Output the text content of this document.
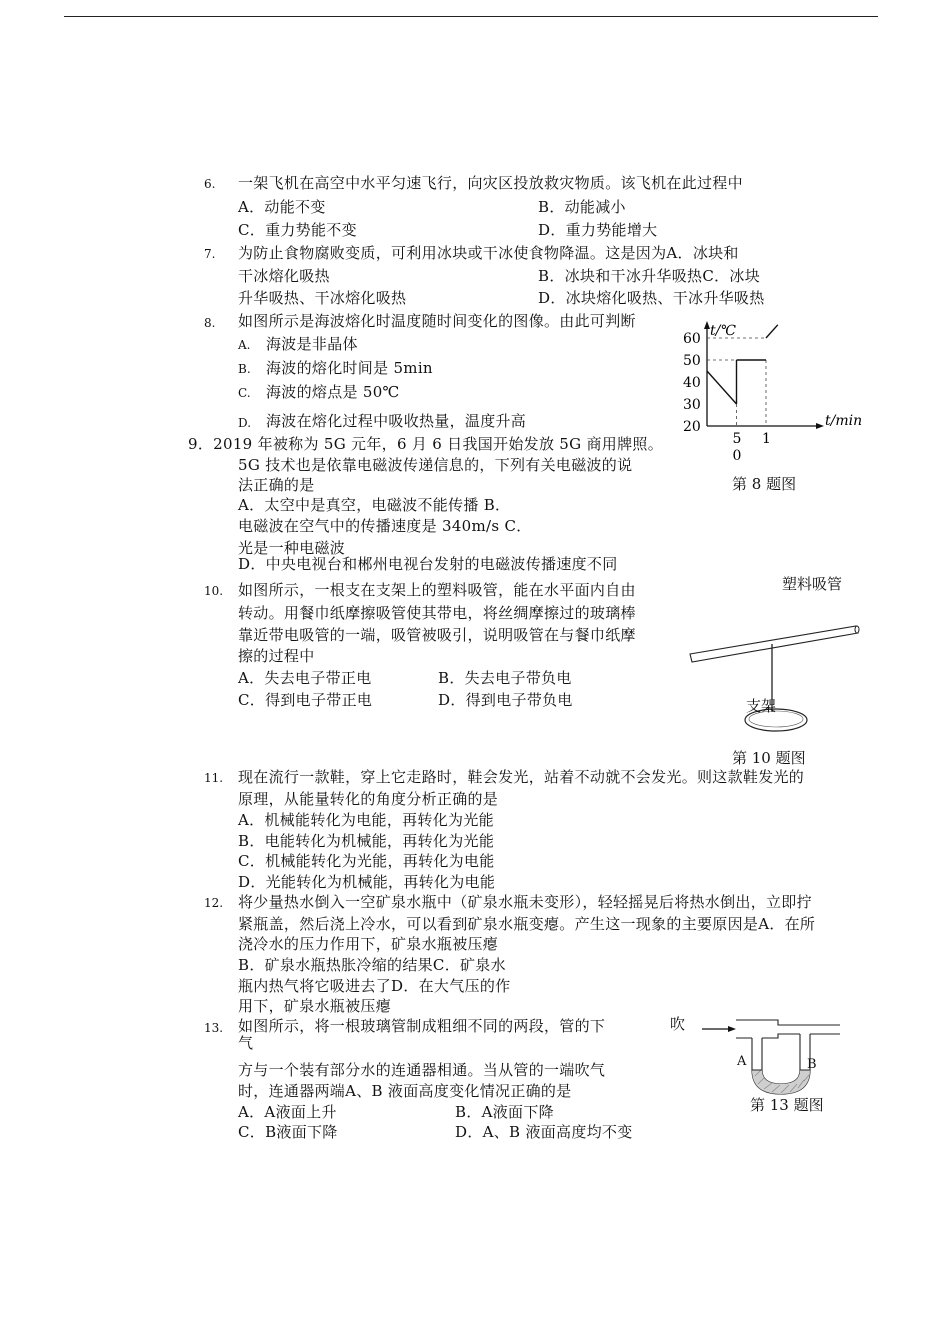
6. 一架飞机在高空中水平匀速飞行，向灾区投放救灾物质。该飞机在此过程中
A．动能不变	B．动能减小
C．重力势能不变	D．重力势能增大
7. 为防止食物腐败变质，可利用冰块或干冰使食物降温。这是因为A．冰块和
干冰熔化吸热	B．冰块和干冰升华吸热C．冰块
升华吸热、干冰熔化吸热	D．冰块熔化吸热、干冰升华吸热
8. 如图所示是海波熔化时温度随时间变化的图像。由此可判断
A. 海波是非晶体
B. 海波的熔化时间是 5min
C. 海波的熔点是 50℃
D. 海波在熔化过程中吸收热量，温度升高
t/℃
t/min
60
50
40
30
20
5 1
0
第 8 题图
9．2019 年被称为 5G 元年，6 月 6 日我国开始发放 5G 商用牌照。
5G 技术也是依靠电磁波传递信息的，下列有关电磁波的说
法正确的是
A．太空中是真空，电磁波不能传播 B．
电磁波在空气中的传播速度是 340m/s C．
光是一种电磁波
D．中央电视台和郴州电视台发射的电磁波传播速度不同
10. 如图所示，一根支在支架上的塑料吸管，能在水平面内自由
转动。用餐巾纸摩擦吸管使其带电，将丝绸摩擦过的玻璃棒
靠近带电吸管的一端，吸管被吸引，说明吸管在与餐巾纸摩
擦的过程中
A．失去电子带正电	B．失去电子带负电
C．得到电子带正电	D．得到电子带负电
塑料吸管
支架
第 10 题图
11. 现在流行一款鞋，穿上它走路时，鞋会发光，站着不动就不会发光。则这款鞋发光的
原理，从能量转化的角度分析正确的是
A．机械能转化为电能，再转化为光能
B．电能转化为机械能，再转化为光能
C．机械能转化为光能，再转化为电能
D．光能转化为机械能，再转化为电能
12. 将少量热水倒入一空矿泉水瓶中（矿泉水瓶未变形），轻轻摇晃后将热水倒出，立即拧
紧瓶盖，然后浇上冷水，可以看到矿泉水瓶变瘪。产生这一现象的主要原因是A．在所
浇冷水的压力作用下，矿泉水瓶被压瘪
B．矿泉水瓶热胀冷缩的结果C．矿泉水
瓶内热气将它吸进去了D．在大气压的作
用下，矿泉水瓶被压瘪
13. 如图所示，将一根玻璃管制成粗细不同的两段，管的下
气
方与一个装有部分水的连通器相通。当从管的一端吹气
时，连通器两端A、B 液面高度变化情况正确的是
A．A液面上升	B．A液面下降
C．B液面下降	D．A、B 液面高度均不变
吹
A	B
第 13 题图
